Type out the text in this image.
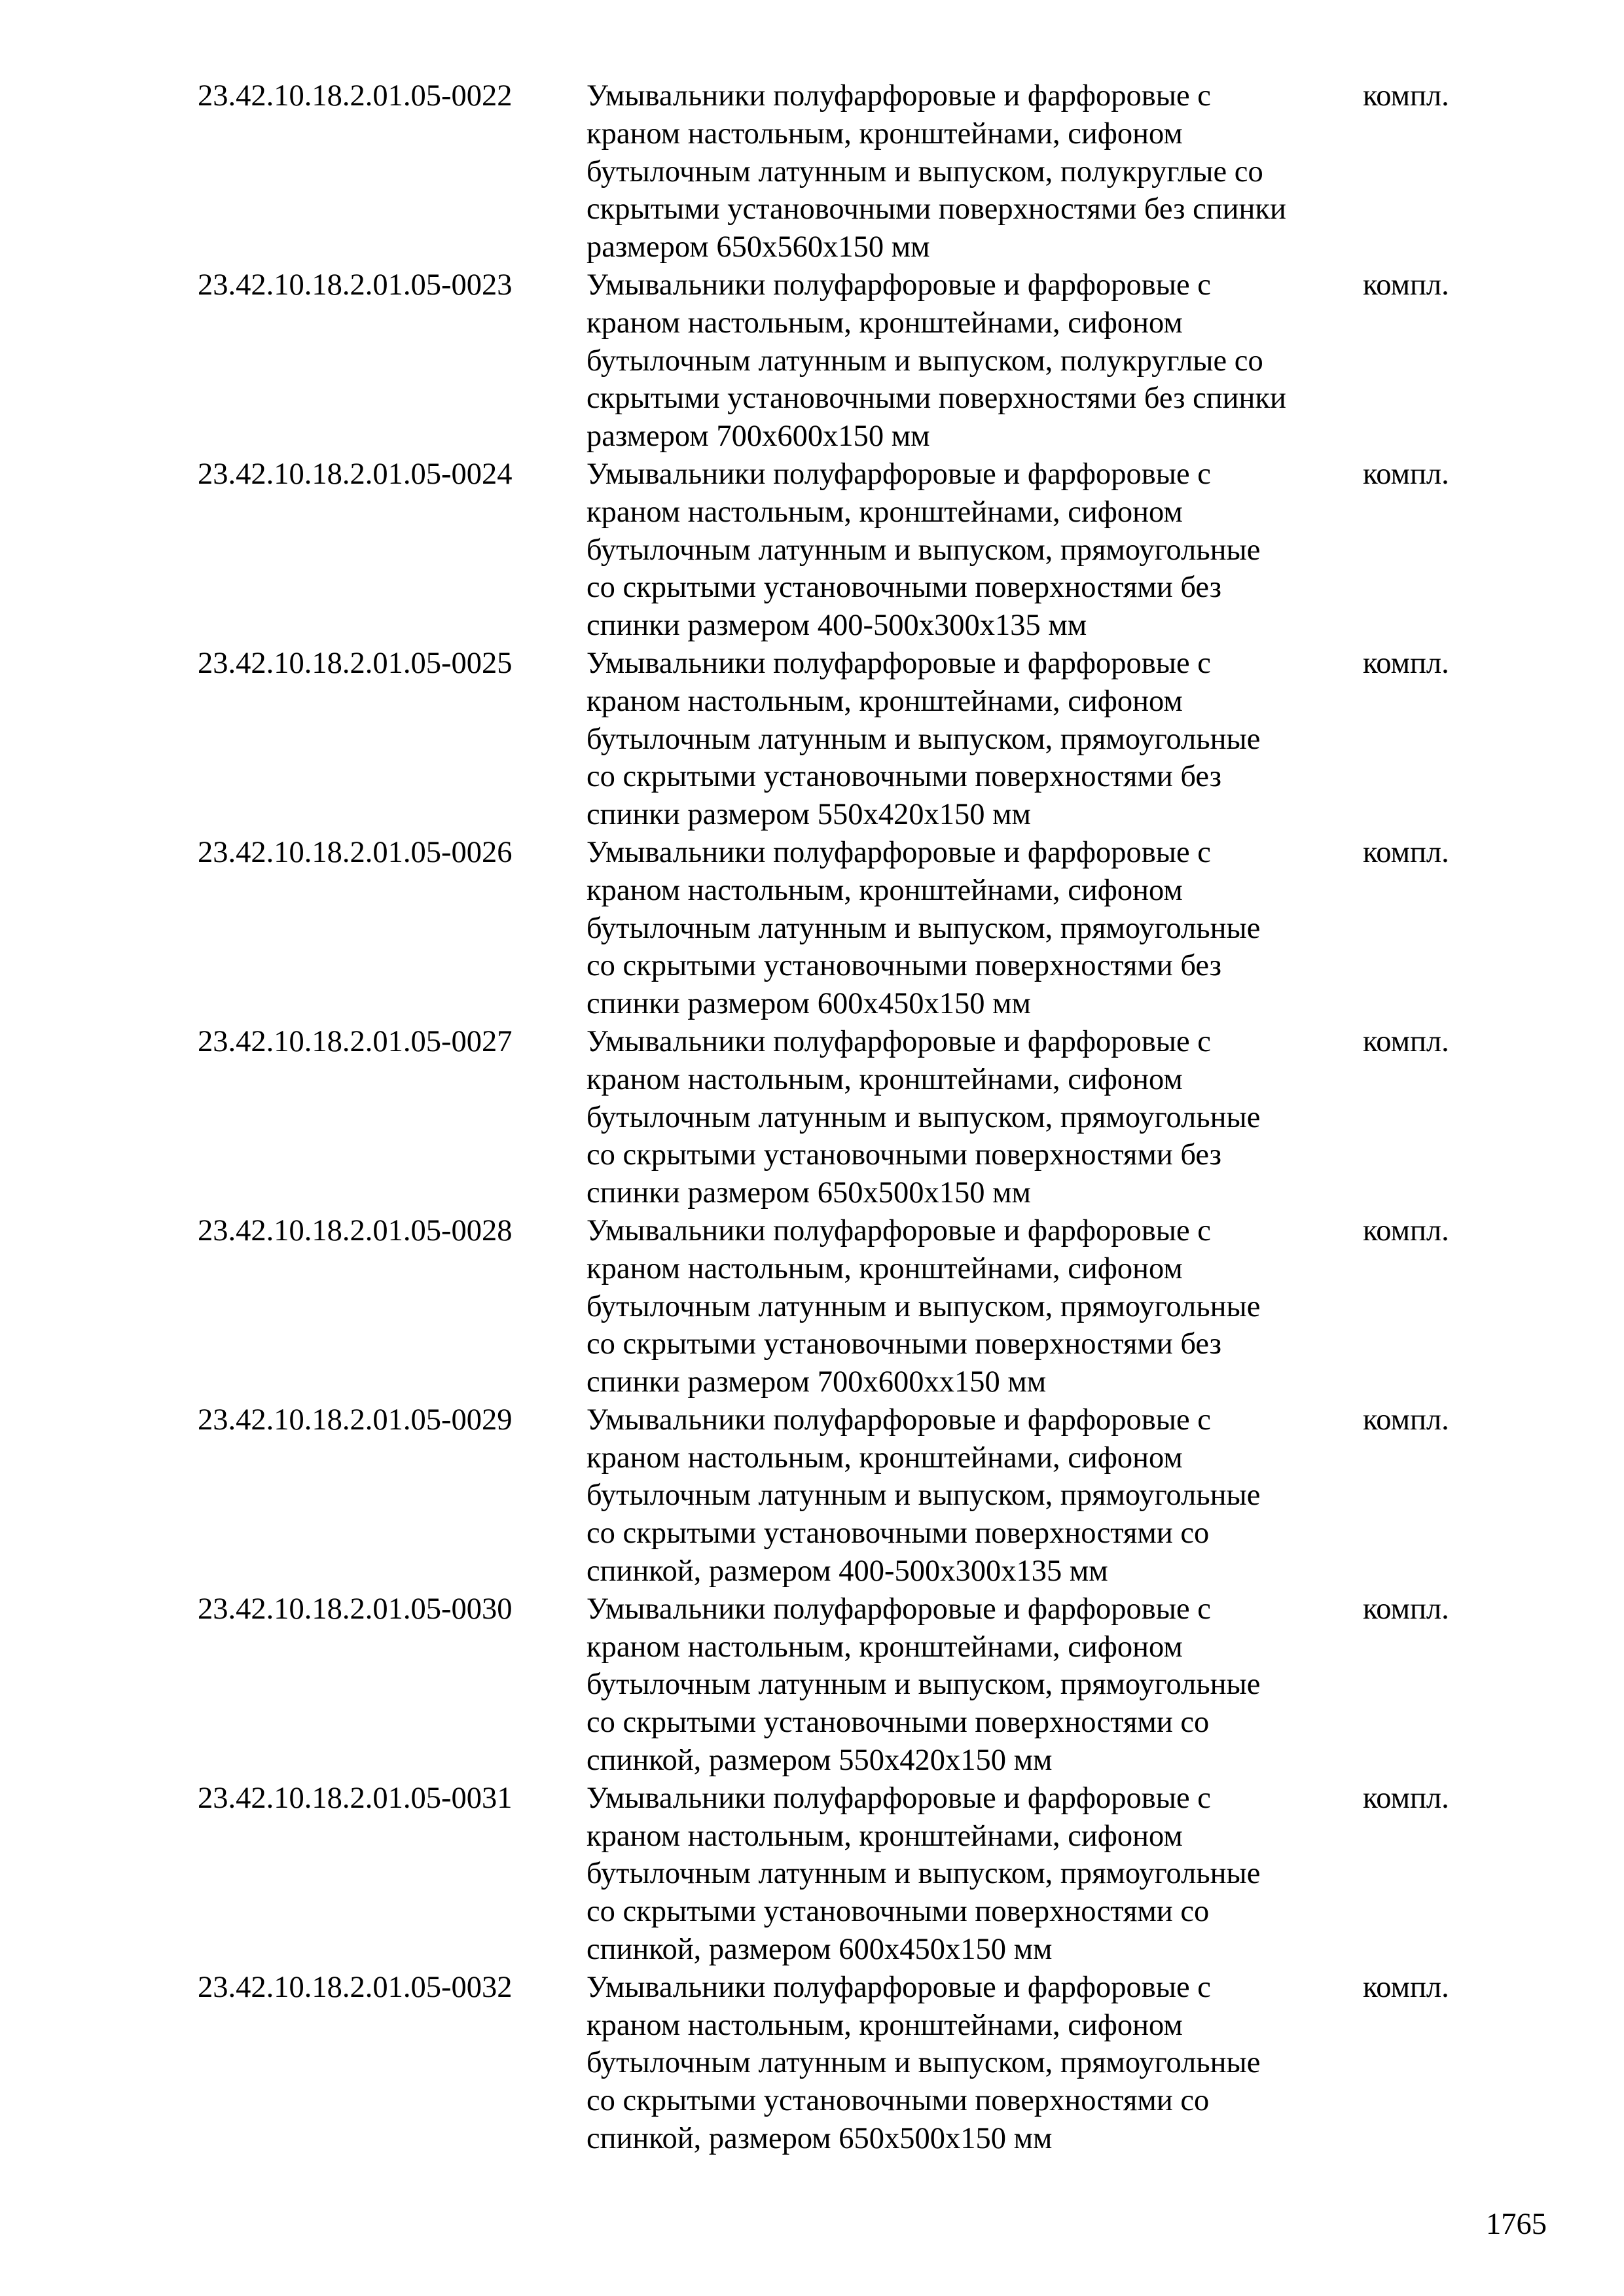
23.42.10.18.2.01.05-0022	Умывальники полуфарфоровые и фарфоровые с
краном настольным, кронштейнами, сифоном
бутылочным латунным и выпуском, полукруглые со
скрытыми установочными поверхностями без спинки
размером 650x560x150 мм
компл.
23.42.10.18.2.01.05-0023	Умывальники полуфарфоровые и фарфоровые с
краном настольным, кронштейнами, сифоном
бутылочным латунным и выпуском, полукруглые со
скрытыми установочными поверхностями без спинки
размером 700x600x150 мм
компл.
23.42.10.18.2.01.05-0024	Умывальники полуфарфоровые и фарфоровые с
краном настольным, кронштейнами, сифоном
бутылочным латунным и выпуском, прямоугольные
со скрытыми установочными поверхностями без
спинки размером 400-500x300x135 мм
компл.
23.42.10.18.2.01.05-0025	Умывальники полуфарфоровые и фарфоровые с
краном настольным, кронштейнами, сифоном
бутылочным латунным и выпуском, прямоугольные
со скрытыми установочными поверхностями без
спинки размером 550x420x150 мм
компл.
23.42.10.18.2.01.05-0026	Умывальники полуфарфоровые и фарфоровые с
краном настольным, кронштейнами, сифоном
бутылочным латунным и выпуском, прямоугольные
со скрытыми установочными поверхностями без
спинки размером 600x450x150 мм
компл.
23.42.10.18.2.01.05-0027	Умывальники полуфарфоровые и фарфоровые с
краном настольным, кронштейнами, сифоном
бутылочным латунным и выпуском, прямоугольные
со скрытыми установочными поверхностями без
спинки размером 650x500x150 мм
компл.
23.42.10.18.2.01.05-0028	Умывальники полуфарфоровые и фарфоровые с
краном настольным, кронштейнами, сифоном
бутылочным латунным и выпуском, прямоугольные
со скрытыми установочными поверхностями без
спинки размером 700x600xx150 мм
компл.
23.42.10.18.2.01.05-0029	Умывальники полуфарфоровые и фарфоровые с
краном настольным, кронштейнами, сифоном
бутылочным латунным и выпуском, прямоугольные
со скрытыми установочными поверхностями со
спинкой, размером 400-500x300x135 мм
компл.
23.42.10.18.2.01.05-0030	Умывальники полуфарфоровые и фарфоровые с
краном настольным, кронштейнами, сифоном
бутылочным латунным и выпуском, прямоугольные
со скрытыми установочными поверхностями со
спинкой, размером 550x420x150 мм
компл.
23.42.10.18.2.01.05-0031	Умывальники полуфарфоровые и фарфоровые с
краном настольным, кронштейнами, сифоном
бутылочным латунным и выпуском, прямоугольные
со скрытыми установочными поверхностями со
спинкой, размером 600x450x150 мм
компл.
23.42.10.18.2.01.05-0032	Умывальники полуфарфоровые и фарфоровые с
краном настольным, кронштейнами, сифоном
бутылочным латунным и выпуском, прямоугольные
со скрытыми установочными поверхностями со
спинкой, размером 650x500x150 мм
компл.
1765
